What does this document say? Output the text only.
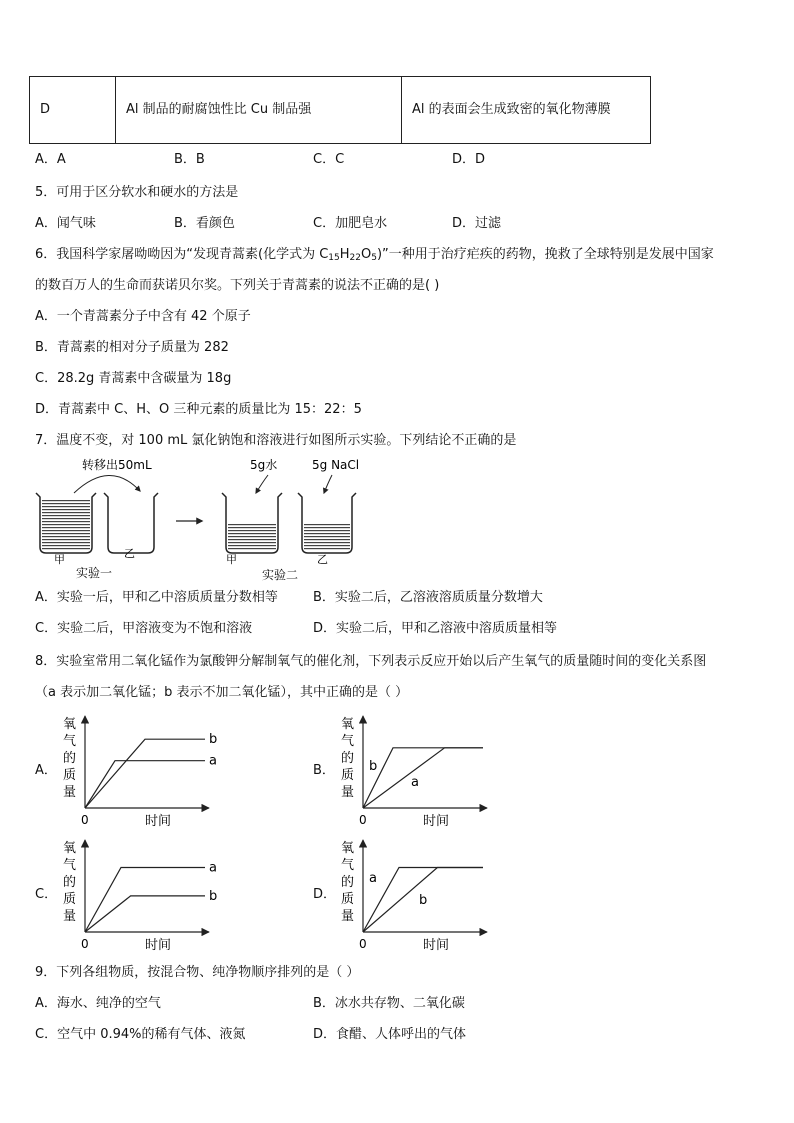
D	Al 制品的耐腐蚀性比 Cu 制品强	Al 的表面会生成致密的氧化物薄膜
A．A	B．B	C．C	D．D
5．可用于区分软水和硬水的方法是
A．闻气味	B．看颜色	C．加肥皂水	D．过滤
6．我国科学家屠呦呦因为“发现青蒿素(化学式为 $C_{15}H_{22}O_5$)”一种用于治疗疟疾的药物，挽救了全球特别是发展中国家
的数百万人的生命而获诺贝尔奖。下列关于青蒿素的说法不正确的是( )
A．一个青蒿素分子中含有 42 个原子
B．青蒿素的相对分子质量为 282
C．28.2g 青蒿素中含碳量为 18g
D．青蒿素中 C、H、O 三种元素的质量比为 15：22：5
7．温度不变，对 100 mL 氯化钠饱和溶液进行如图所示实验。下列结论不正确的是
转移出50mL
甲	乙
实验一
5g水	5g NaCl
甲	乙
实验二
A．实验一后，甲和乙中溶质质量分数相等	B．实验二后，乙溶液溶质质量分数增大
C．实验二后，甲溶液变为不饱和溶液	D．实验二后，甲和乙溶液中溶质质量相等
8．实验室常用二氧化锰作为氯酸钾分解制氧气的催化剂，下列表示反应开始以后产生氧气的质量随时间的变化关系图
（a 表示加二氧化锰；b 表示不加二氧化锰），其中正确的是（ ）
A．	B．
C．	D．
氧
气
的
质
量
0	时间
a
b
氧
气
的
质
量
0	时间
b
a
氧
气
的
质
量
0	时间
a
b
氧
气
的
质
量
0	时间
a
b
9．下列各组物质，按混合物、纯净物顺序排列的是（ ）
A．海水、纯净的空气	B．冰水共存物、二氧化碳
C．空气中 0.94%的稀有气体、液氮	D．食醋、人体呼出的气体
